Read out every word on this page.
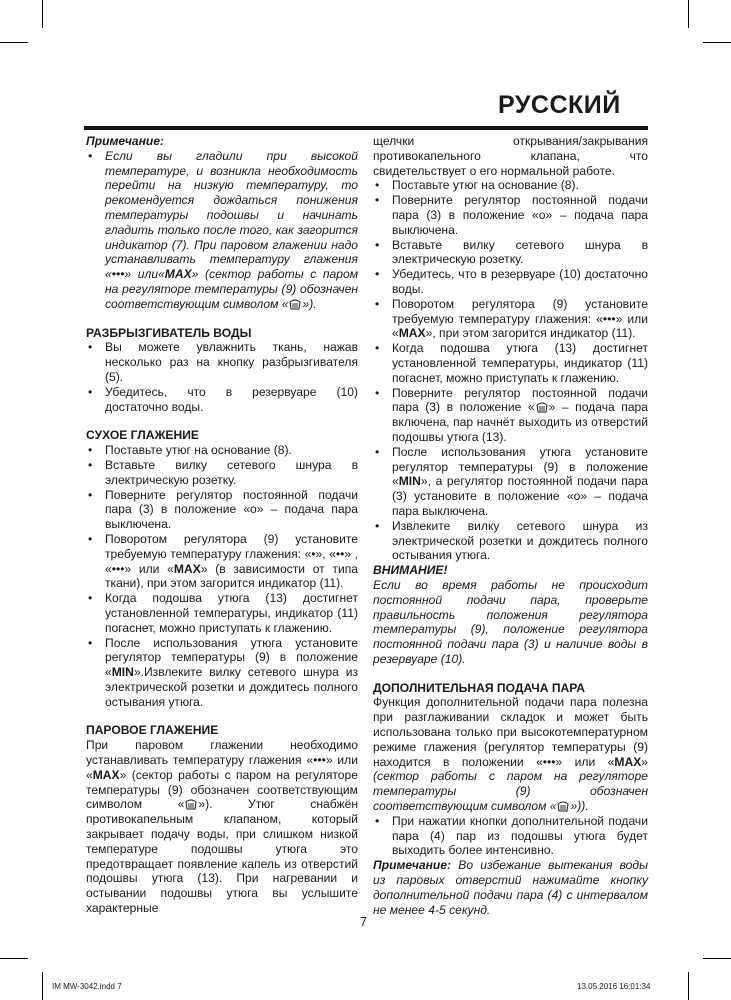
РУССКИЙ

Примечание:

• Если вы гладили при высокой температуре, и возникла необходимость перейти на низкую температуру, то рекомендуется дождаться понижения температуры подошвы и начинать гладить только после того, как загорится индикатор (7). При паровом глажении надо устанавливать температуру глажения «•••» или«MAX» (сектор работы с паром на регуляторе температуры (9) обозначен соответствующим символом « »).

РАЗБРЫЗГИВАТЕЛЬ ВОДЫ

• Вы можете увлажнить ткань, нажав несколько раз на кнопку разбрызгивателя (5).
• Убедитесь, что в резервуаре (10) достаточно воды.

СУХОЕ ГЛАЖЕНИЕ

• Поставьте утюг на основание (8).
• Вставьте вилку сетевого шнура в электрическую розетку.
• Поверните регулятор постоянной подачи пара (3) в положение «o» – подача пара выключена.
• Поворотом регулятора (9) установите требуемую температуру глажения: «•», «••» , «•••» или «MAX» (в зависимости от типа ткани), при этом загорится индикатор (11).
• Когда подошва утюга (13) достигнет установленной температуры, индикатор (11) погаснет, можно приступать к глажению.
• После использования утюга установите регулятор температуры (9) в положение «MIN».Извлеките вилку сетевого шнура из электрической розетки и дождитесь полного остывания утюга.

ПАРОВОЕ ГЛАЖЕНИЕ

При паровом глажении необходимо устанавливать температуру глажения «•••» или «MAX» (сектор работы с паром на регуляторе температуры (9) обозначен соответствующим символом « »). Утюг снабжён противокапельным клапаном, который закрывает подачу воды, при слишком низкой температуре подошвы утюга это предотвращает появление капель из отверстий подошвы утюга (13). При нагревании и остывании подошвы утюга вы услышите характерные

щелчки открывания/закрывания противокапельного клапана, что свидетельствует о его нормальной работе.

• Поставьте утюг на основание (8).
• Поверните регулятор постоянной подачи пара (3) в положение «o» – подача пара выключена.
• Вставьте вилку сетевого шнура в электрическую розетку.
• Убедитесь, что в резервуаре (10) достаточно воды.
• Поворотом регулятора (9) установите требуемую температуру глажения: «•••» или «MAX», при этом загорится индикатор (11).
• Когда подошва утюга (13) достигнет установленной температуры, индикатор (11) погаснет, можно приступать к глажению.
• Поверните регулятор постоянной подачи пара (3) в положение « » – подача пара включена, пар начнёт выходить из отверстий подошвы утюга (13).
• После использования утюга установите регулятор температуры (9) в положение «MIN», а регулятор постоянной подачи пара (3) установите в положение «o» – подача пара выключена.
• Извлеките вилку сетевого шнура из электрической розетки и дождитесь полного остывания утюга.

ВНИМАНИЕ!

Если во время работы не происходит постоянной подачи пара, проверьте правильность положения регулятора температуры (9), положение регулятора постоянной подачи пара (3) и наличие воды в резервуаре (10).

ДОПОЛНИТЕЛЬНАЯ ПОДАЧА ПАРА

Функция дополнительной подачи пара полезна при разглаживании складок и может быть использована только при высокотемпературном режиме глажения (регулятор температуры (9) находится в положении «•••» или «MAX» (сектор работы с паром на регуляторе температуры (9) обозначен соответствующим символом « »)).

• При нажатии кнопки дополнительной подачи пара (4) пар из подошвы утюга будет выходить более интенсивно.

Примечание: Во избежание вытекания воды из паровых отверстий нажимайте кнопку дополнительной подачи пара (4) с интервалом не менее 4-5 секунд.

7
IM MW-3042.indd 7	13.05.2016 16:01:34
